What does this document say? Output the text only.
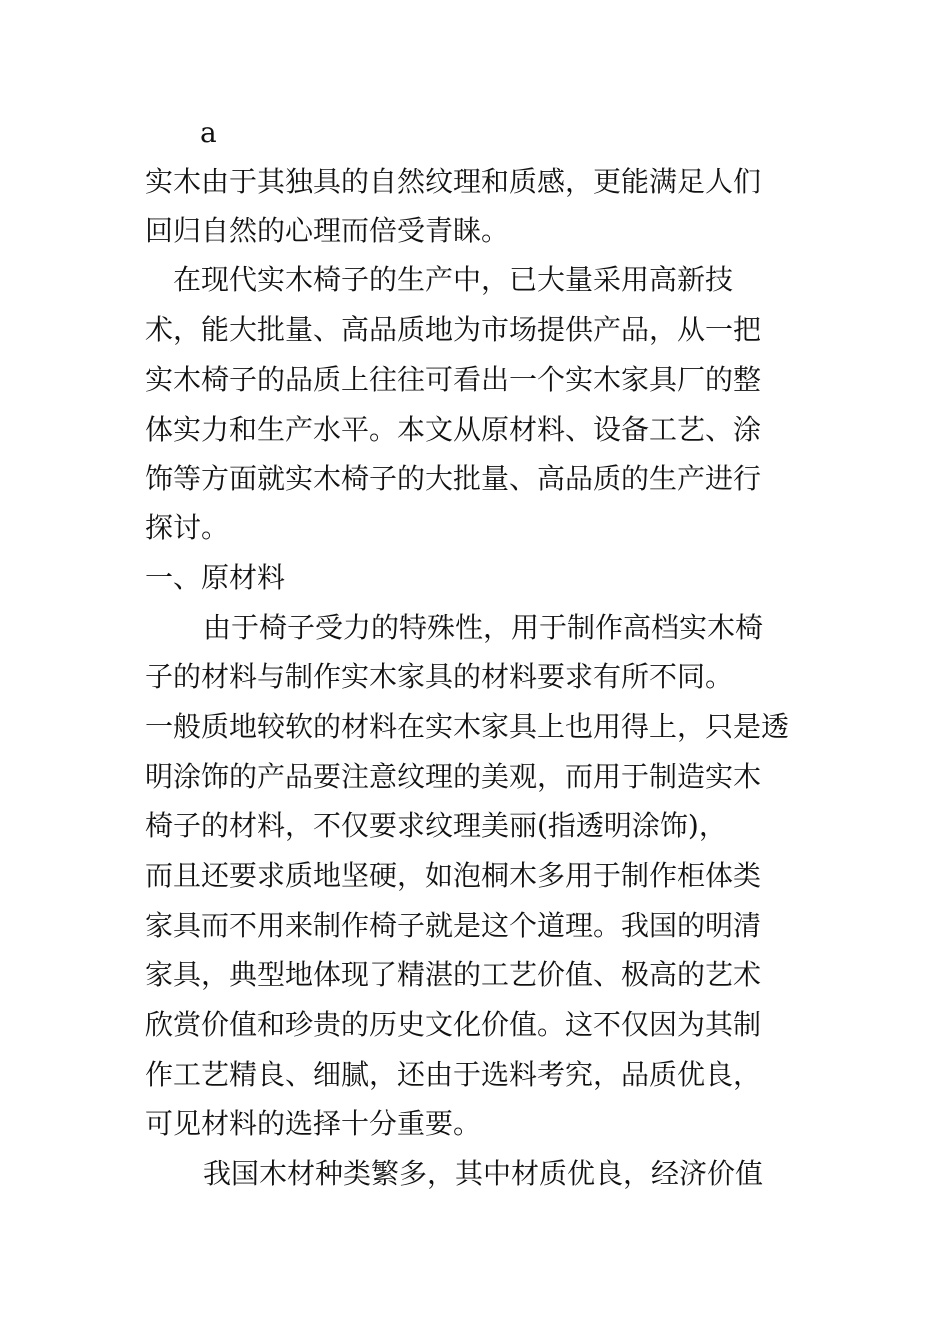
a
实木由于其独具的自然纹理和质感，更能满足人们
回归自然的心理而倍受青睐。
在现代实木椅子的生产中，已大量采用高新技
术，能大批量、高品质地为市场提供产品，从一把
实木椅子的品质上往往可看出一个实木家具厂的整
体实力和生产水平。本文从原材料、设备工艺、涂
饰等方面就实木椅子的大批量、高品质的生产进行
探讨。
一、原材料
由于椅子受力的特殊性，用于制作高档实木椅
子的材料与制作实木家具的材料要求有所不同。
一般质地较软的材料在实木家具上也用得上，只是透
明涂饰的产品要注意纹理的美观，而用于制造实木
椅子的材料，不仅要求纹理美丽(指透明涂饰)，
而且还要求质地坚硬，如泡桐木多用于制作柜体类
家具而不用来制作椅子就是这个道理。我国的明清
家具，典型地体现了精湛的工艺价值、极高的艺术
欣赏价值和珍贵的历史文化价值。这不仅因为其制
作工艺精良、细腻，还由于选料考究，品质优良，
可见材料的选择十分重要。
我国木材种类繁多，其中材质优良，经济价值
